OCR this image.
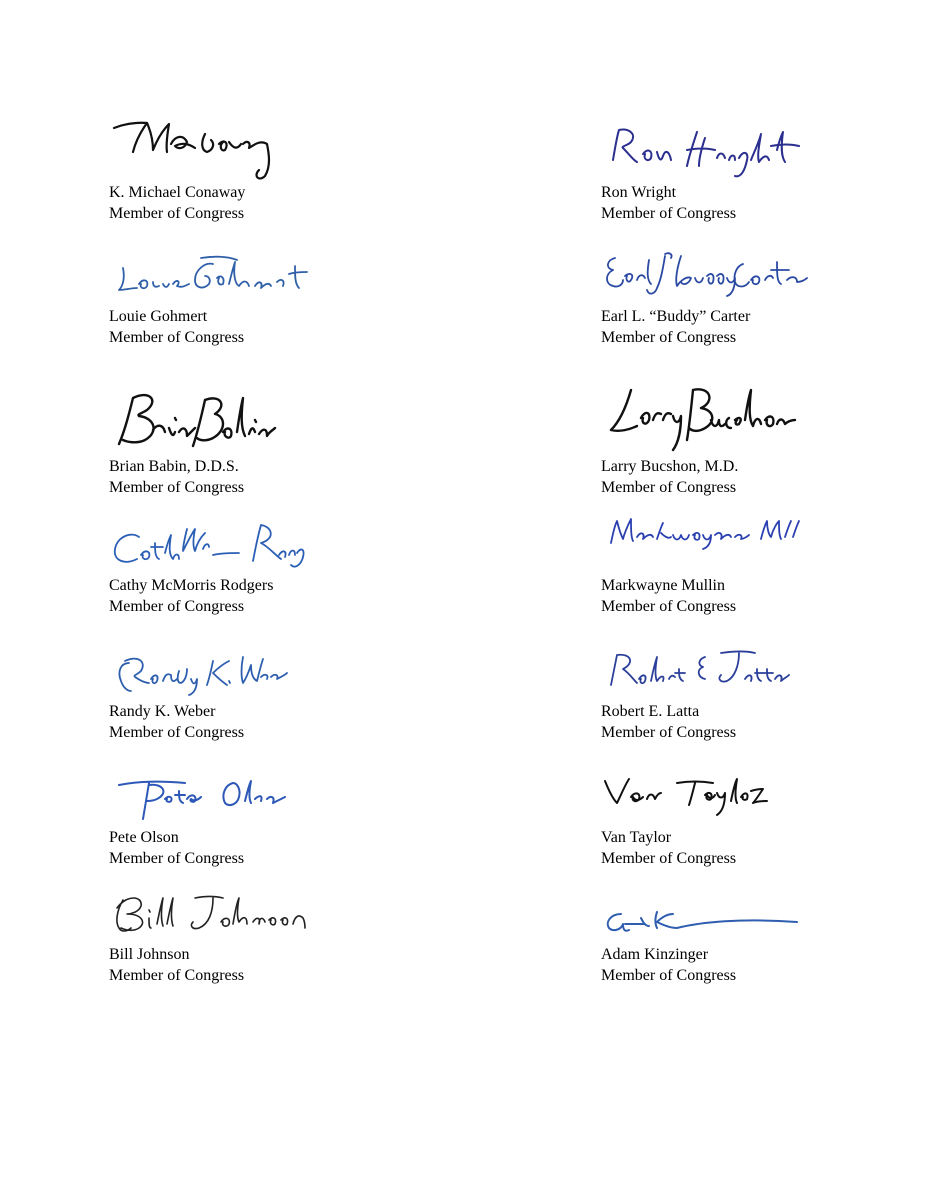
K. Michael Conaway
Member of Congress
Ron Wright
Member of Congress
Louie Gohmert
Member of Congress
Earl L. “Buddy” Carter
Member of Congress
Brian Babin, D.D.S.
Member of Congress
Larry Bucshon, M.D.
Member of Congress
Cathy McMorris Rodgers
Member of Congress
Markwayne Mullin
Member of Congress
Randy K. Weber
Member of Congress
Robert E. Latta
Member of Congress
Pete Olson
Member of Congress
Van Taylor
Member of Congress
Bill Johnson
Member of Congress
Adam Kinzinger
Member of Congress
